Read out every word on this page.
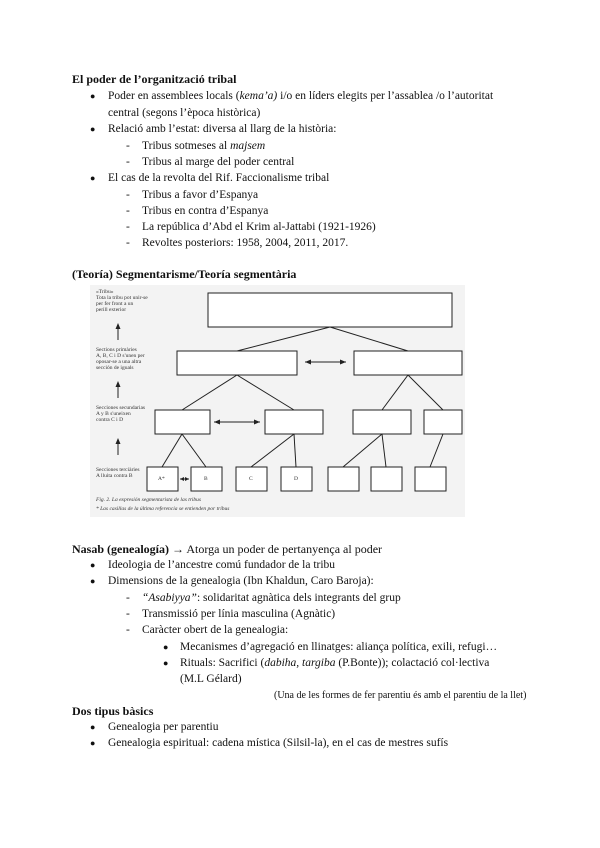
El poder de l’organització tribal
● Poder en assemblees locals (kema’a) i/o en líders elegits per l’assablea /o l’autoritat
central (segons l’època històrica)
● Relació amb l’estat: diversa al llarg de la història:
- Tribus sotmeses al majsem
- Tribus al marge del poder central
● El cas de la revolta del Rif. Faccionalisme tribal
- Tribus a favor d’Espanya
- Tribus en contra d’Espanya
- La república d’Abd el Krim al-Jattabi (1921-1926)
- Revoltes posteriors: 1958, 2004, 2011, 2017.
(Teoría) Segmentarisme/Teoría segmentària
«Tribu»
Tota la tribu pot unir-se
per fer front a un
perill exterior
Sections primàries
A, B, C i D s'unen per
oposar-se a una altra
sección de iguals
Secciones secundarias
A y B s'uneixen
contra C i D
Secciones terciàries
A lluita contra B	A*	B	C	D
Fig. 2. La expresión segmentarista de las tribus
* Las casillas de la última referencia se entienden por tribus
Nasab (genealogía) → Atorga un poder de pertanyença al poder
● Ideologia de l’ancestre comú fundador de la tribu
● Dimensions de la genealogia (Ibn Khaldun, Caro Baroja):
- “Asabiyya”: solidaritat agnàtica dels integrants del grup
- Transmissió per línia masculina (Agnàtic)
- Caràcter obert de la genealogia:
● Mecanismes d’agregació en llinatges: aliança política, exili, refugi…
● Rituals: Sacrifici (dabiha, targiba (P.Bonte)); colactació col·lectiva
(M.L Gélard)
(Una de les formes de fer parentiu és amb el parentiu de la llet)
Dos tipus bàsics
● Genealogia per parentiu
● Genealogia espiritual: cadena mística (Silsil-la), en el cas de mestres sufís
